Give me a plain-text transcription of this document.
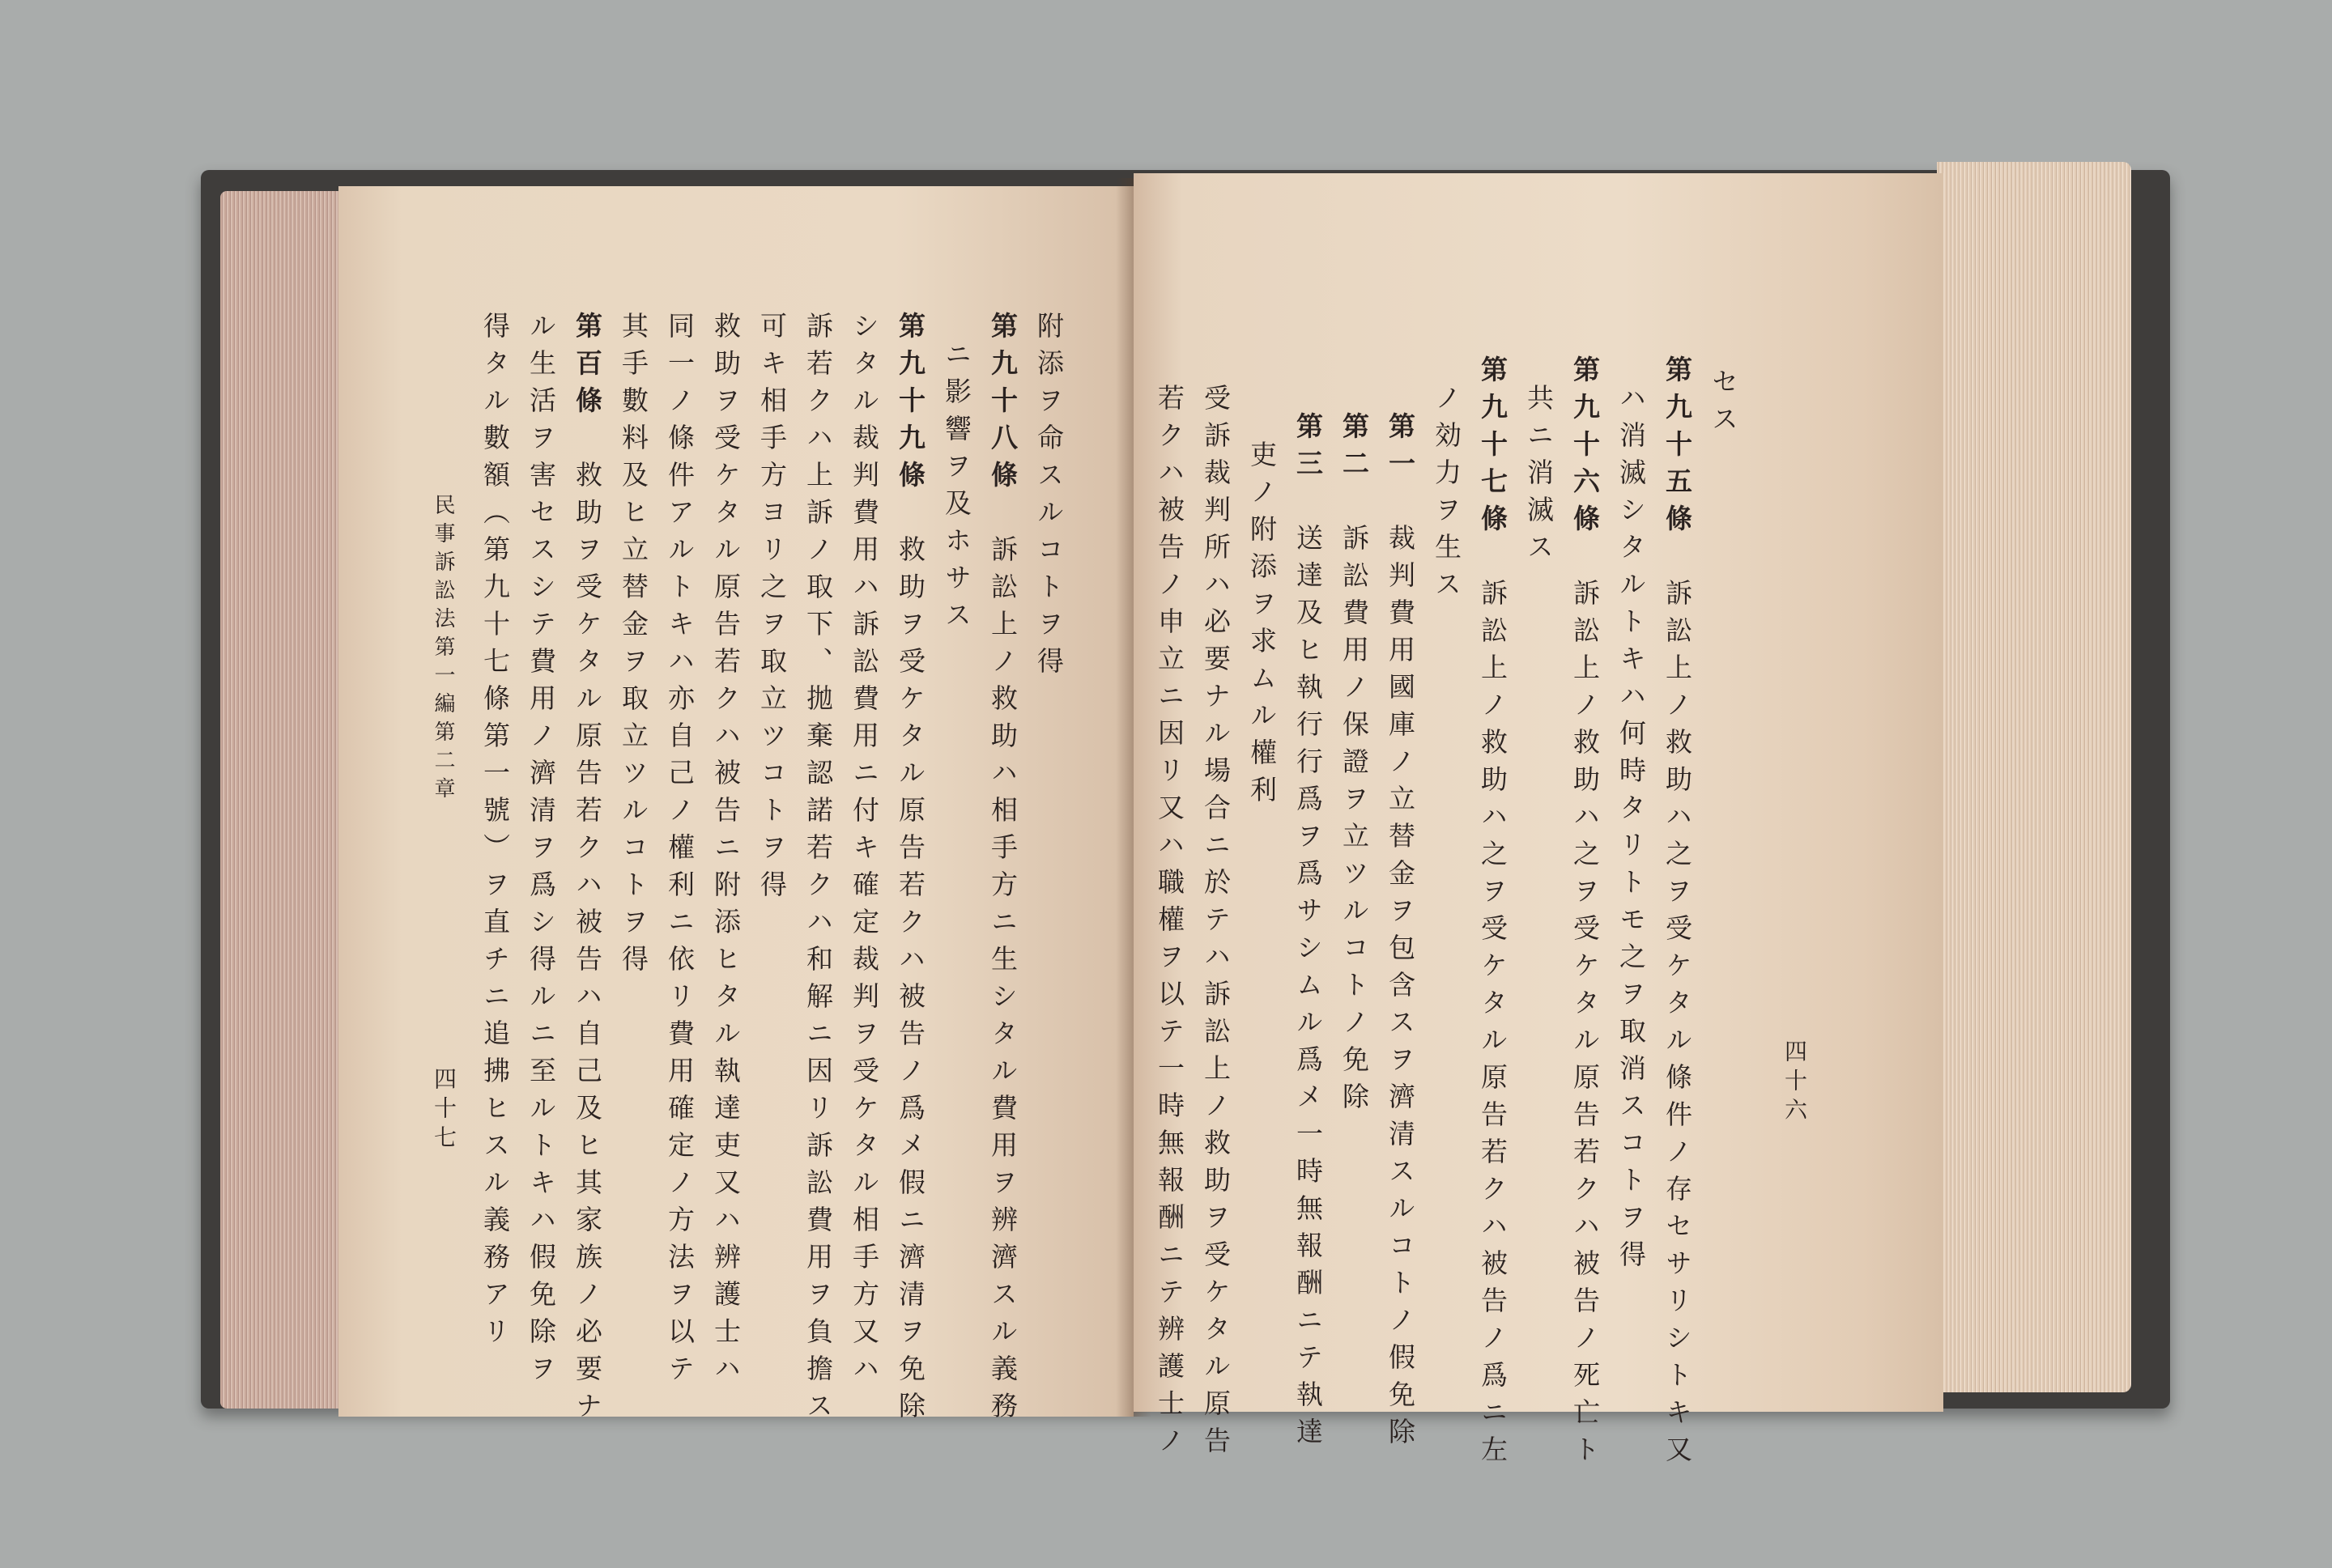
附添ヲ命スルコトヲ得
第九十八條　訴訟上ノ救助ハ相手方ニ生シタル費用ヲ辨濟スル義務
ニ影響ヲ及ホサス
第九十九條　救助ヲ受ケタル原告若クハ被告ノ爲メ假ニ濟清ヲ免除
シタル裁判費用ハ訴訟費用ニ付キ確定裁判ヲ受ケタル相手方又ハ
訴若クハ上訴ノ取下、拋棄認諾若クハ和解ニ因リ訴訟費用ヲ負擔ス
可キ相手方ヨリ之ヲ取立ツコトヲ得
救助ヲ受ケタル原告若クハ被告ニ附添ヒタル執達吏又ハ辨護士ハ
同一ノ條件アルトキハ亦自己ノ權利ニ依リ費用確定ノ方法ヲ以テ
其手數料及ヒ立替金ヲ取立ツルコトヲ得
第百條　救助ヲ受ケタル原告若クハ被告ハ自己及ヒ其家族ノ必要ナ
ル生活ヲ害セスシテ費用ノ濟清ヲ爲シ得ルニ至ルトキハ假免除ヲ
得タル數額（第九十七條第一號）ヲ直チニ追拂ヒスル義務アリ
民事訴訟法第一編第二章
四十七
セス
第九十五條　訴訟上ノ救助ハ之ヲ受ケタル條件ノ存セサリシトキ又
ハ消滅シタルトキハ何時タリトモ之ヲ取消スコトヲ得
第九十六條　訴訟上ノ救助ハ之ヲ受ケタル原告若クハ被告ノ死亡ト
共ニ消滅ス
第九十七條　訴訟上ノ救助ハ之ヲ受ケタル原告若クハ被告ノ爲ニ左
ノ効力ヲ生ス
第一　裁判費用國庫ノ立替金ヲ包含スヲ濟清スルコトノ假免除
第二　訴訟費用ノ保證ヲ立ツルコトノ免除
第三　送達及ヒ執行行爲ヲ爲サシムル爲メ一時無報酬ニテ執達
吏ノ附添ヲ求ムル權利
受訴裁判所ハ必要ナル場合ニ於テハ訴訟上ノ救助ヲ受ケタル原告
若クハ被告ノ申立ニ因リ又ハ職權ヲ以テ一時無報酬ニテ辨護士ノ	四十六
